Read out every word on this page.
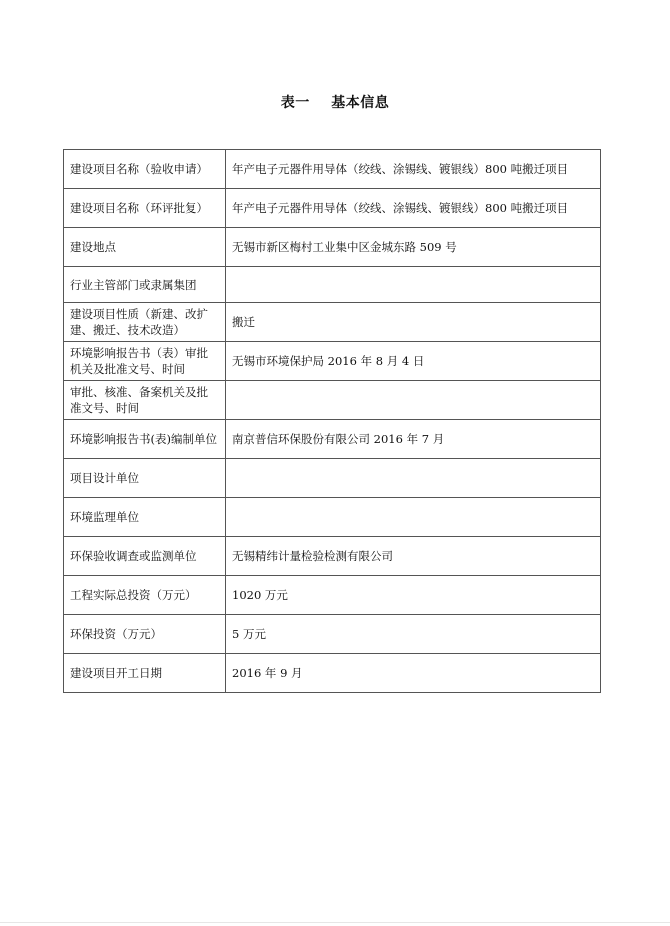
表一    基本信息
建设项目名称（验收申请）	年产电子元器件用导体（绞线、涂锡线、镀银线）800 吨搬迁项目
建设项目名称（环评批复）	年产电子元器件用导体（绞线、涂锡线、镀银线）800 吨搬迁项目
建设地点	无锡市新区梅村工业集中区金城东路 509 号
行业主管部门或隶属集团	
建设项目性质（新建、改扩建、搬迁、技术改造）	搬迁
环境影响报告书（表）审批机关及批准文号、时间	无锡市环境保护局 2016 年 8 月 4 日
审批、核准、备案机关及批准文号、时间	
环境影响报告书(表)编制单位	南京普信环保股份有限公司 2016 年 7 月
项目设计单位	
环境监理单位	
环保验收调查或监测单位	无锡精纬计量检验检测有限公司
工程实际总投资（万元）	1020 万元
环保投资（万元）	5 万元
建设项目开工日期	2016 年 9 月
